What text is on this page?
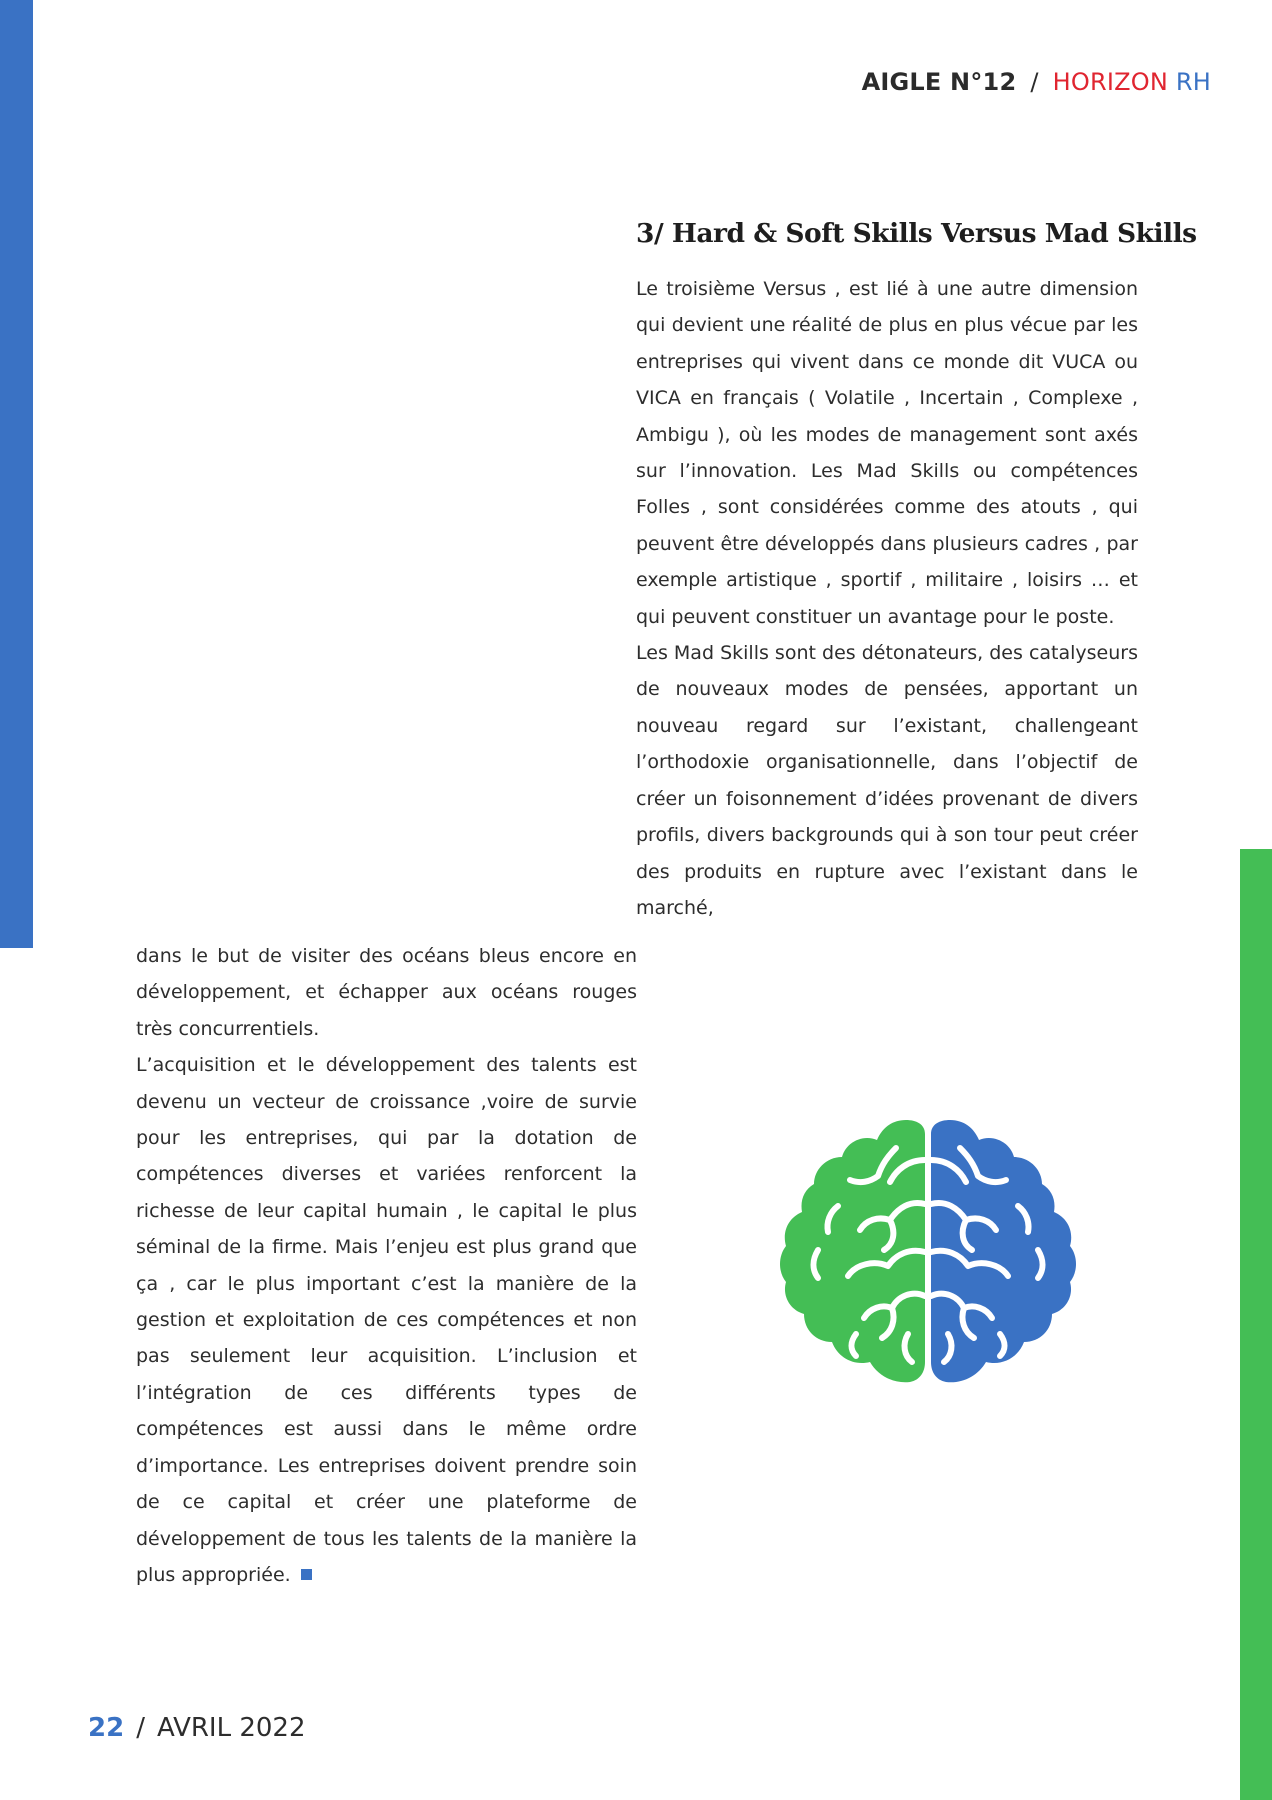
AIGLE N°12 / HORIZON RH
3/ Hard & Soft Skills Versus Mad Skills

Le troisième Versus , est lié à une autre dimension qui devient une réalité de plus en plus vécue par les entreprises qui vivent dans ce monde dit VUCA ou VICA en français ( Volatile , Incertain , Complexe , Ambigu ), où les modes de management sont axés sur l’innovation. Les Mad Skills ou compétences Folles , sont considérées comme des atouts , qui peuvent être développés dans plusieurs cadres , par exemple artistique , sportif , militaire , loisirs … et qui peuvent constituer un avantage pour le poste.

Les Mad Skills sont des détonateurs, des catalyseurs de nouveaux modes de pensées, apportant un nouveau regard sur l’existant, challengeant l’orthodoxie organisationnelle, dans l’objectif de créer un foisonnement d’idées provenant de divers profils, divers backgrounds qui à son tour peut créer des produits en rupture avec l’existant dans le marché,

dans le but de visiter des océans bleus encore en développement, et échapper aux océans rouges très concurrentiels.

L’acquisition et le développement des talents est devenu un vecteur de croissance ,voire de survie pour les entreprises, qui par la dotation de compétences diverses et variées renforcent la richesse de leur capital humain , le capital le plus séminal de la firme. Mais l’enjeu est plus grand que ça , car le plus important c’est la manière de la gestion et exploitation de ces compétences et non pas seulement leur acquisition. L’inclusion et l’intégration de ces différents types de compétences est aussi dans le même ordre d’importance. Les entreprises doivent prendre soin de ce capital et créer une plateforme de développement de tous les talents de la manière la plus appropriée.

22 / AVRIL 2022
